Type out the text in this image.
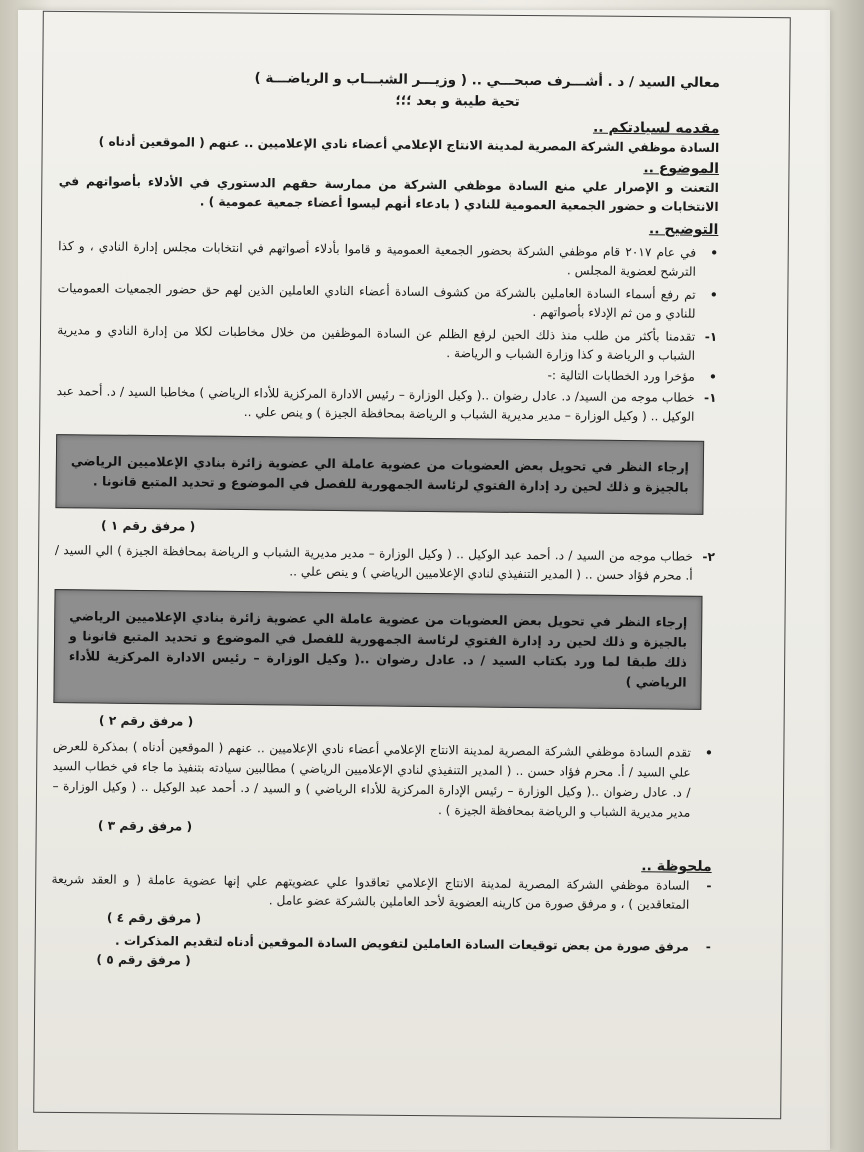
معالي السيد / د . أشـــرف صبحـــي .. ( وزيـــر الشبـــاب و الرياضـــة )
تحية طيبة و بعد ؛؛؛
مقدمه لسيادتكم ..
السادة موظفي الشركة المصرية لمدينة الانتاج الإعلامي أعضاء نادي الإعلاميين .. عنهم ( الموقعين أدناه )
الموضوع ..
التعنت و الإصرار علي منع السادة موظفي الشركة من ممارسة حقهم الدستوري في الأدلاء بأصواتهم في الانتخابات و حضور الجمعية العمومية للنادي ( بادعاء أنهم ليسوا أعضاء جمعية عمومية ) .
التوضيح ..
•
في عام ٢٠١٧ قام موظفي الشركة بحضور الجمعية العمومية و قاموا بأدلاء أصواتهم في انتخابات مجلس إدارة النادي ، و كذا الترشح لعضوية المجلس .
•
تم رفع أسماء السادة العاملين بالشركة من كشوف السادة أعضاء النادي العاملين الذين لهم حق حضور الجمعيات العموميات للنادي و من ثم الإدلاء بأصواتهم .
١-
تقدمنا بأكثر من طلب منذ ذلك الحين لرفع الظلم عن السادة الموظفين من خلال مخاطبات لكلا من إدارة النادي و مديرية الشباب و الرياضة و كذا وزارة الشباب و الرياضة .
•
مؤخرا ورد الخطابات التالية :-
١-
خطاب موجه من السيد/ د. عادل رضوان ..( وكيل الوزارة – رئيس الادارة المركزية للأداء الرياضي ) مخاطبا السيد / د. أحمد عبد الوكيل .. ( وكيل الوزارة – مدير مديرية الشباب و الرياضة بمحافظة الجيزة ) و ينص علي ..
إرجاء النظر في تحويل بعض العضويات من عضوية عاملة الي عضوية زائرة بنادي الإعلاميين الرياضي بالجيزة و ذلك لحين رد إدارة الفتوي لرئاسة الجمهورية للفصل في الموضوع و تحديد المتبع قانونا .
( مرفق رقم ١ )
٢-
خطاب موجه من السيد / د. أحمد عبد الوكيل .. ( وكيل الوزارة – مدير مديرية الشباب و الرياضة بمحافظة الجيزة ) الي السيد / أ. محرم فؤاد حسن .. ( المدير التنفيذي لنادي الإعلاميين الرياضي ) و ينص علي ..
إرجاء النظر في تحويل بعض العضويات من عضوية عاملة الي عضوية زائرة بنادي الإعلاميين الرياضي بالجيزة و ذلك لحين رد إدارة الفتوي لرئاسة الجمهورية للفصل في الموضوع و تحديد المتبع قانونا و ذلك طبقا لما ورد بكتاب السيد / د. عادل رضوان ..( وكيل الوزارة – رئيس الادارة المركزية للأداء الرياضي )
( مرفق رقم ٢ )
•
تقدم السادة موظفي الشركة المصرية لمدينة الانتاج الإعلامي أعضاء نادي الإعلاميين .. عنهم ( الموقعين أدناه ) بمذكرة للعرض علي السيد / أ. محرم فؤاد حسن .. ( المدير التنفيذي لنادي الإعلاميين الرياضي ) مطالبين سيادته بتنفيذ ما جاء في خطاب السيد / د. عادل رضوان ..( وكيل الوزارة – رئيس الإدارة المركزية للأداء الرياضي ) و السيد / د. أحمد عبد الوكيل .. ( وكيل الوزارة – مدير مديرية الشباب و الرياضة بمحافظة الجيزة ) .
( مرفق رقم ٣ )
ملحوظة ..
-
السادة موظفي الشركة المصرية لمدينة الانتاج الإعلامي تعاقدوا علي عضويتهم علي إنها عضوية عاملة ( و العقد شريعة المتعاقدين ) ، و مرفق صورة من كارينه العضوية لأحد العاملين بالشركة عضو عامل .
( مرفق رقم ٤ )
-
مرفق صورة من بعض توقيعات السادة العاملين لتفويض السادة الموقعين أدناه لتقديم المذكرات .
( مرفق رقم ٥ )
